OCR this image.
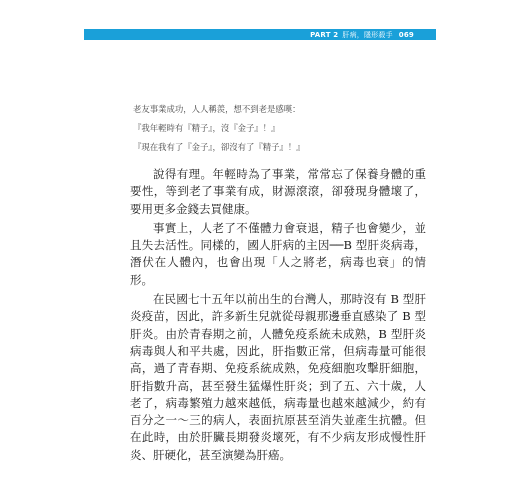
PART 2 肝病，隱形殺手 069
老友事業成功，人人稱羨，想不到老是感嘆：
『我年輕時有『精子』，沒『金子』！』
『現在我有了『金子』，卻沒有了『精子』！』

說得有理。年輕時為了事業，常常忘了保養身體的重要性，等到老了事業有成，財源滾滾，卻發現身體壞了，要用更多金錢去買健康。

事實上，人老了不僅體力會衰退，精子也會變少，並且失去活性。同樣的，國人肝病的主因──B 型肝炎病毒，潛伏在人體內，也會出現「人之將老，病毒也衰」的情形。

在民國七十五年以前出生的台灣人，那時沒有 B 型肝炎疫苗，因此，許多新生兒就從母親那邊垂直感染了 B 型肝炎。由於青春期之前，人體免疫系統未成熟，B 型肝炎病毒與人和平共處，因此，肝指數正常，但病毒量可能很高，過了青春期、免疫系統成熟，免疫細胞攻擊肝細胞，肝指數升高，甚至發生猛爆性肝炎；到了五、六十歲，人老了，病毒繁殖力越來越低，病毒量也越來越減少，約有百分之一～三的病人，表面抗原甚至消失並產生抗體。但在此時，由於肝臟長期發炎壞死，有不少病友形成慢性肝炎、肝硬化，甚至演變為肝癌。
